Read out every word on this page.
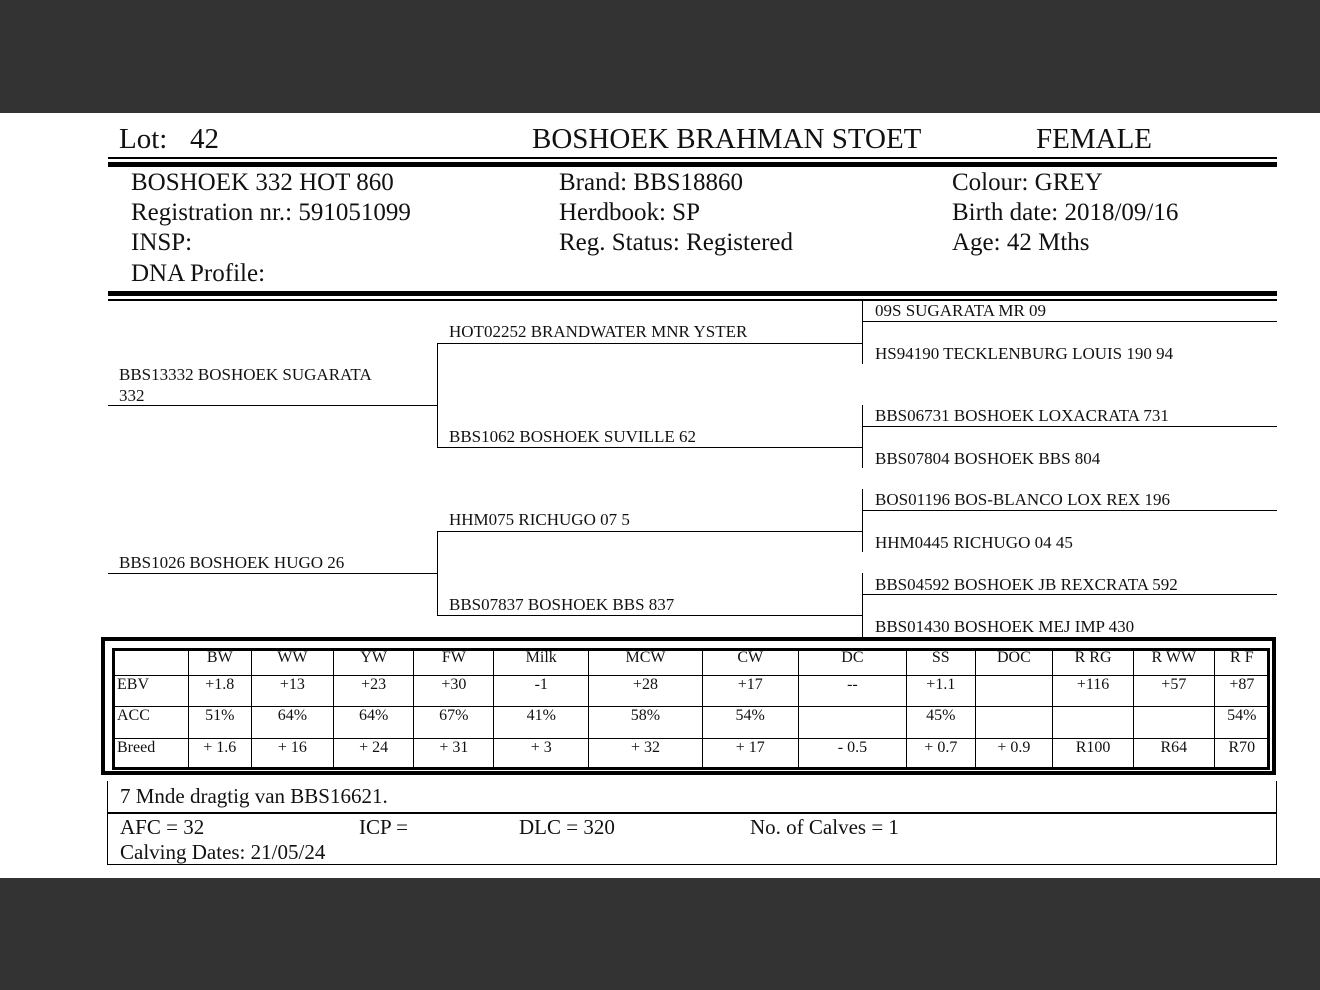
Lot: 42	BOSHOEK BRAHMAN STOET	FEMALE
BOSHOEK 332 HOT 860
Registration nr.: 591051099
INSP:
DNA Profile:
Brand: BBS18860
Herdbook: SP
Reg. Status: Registered
Colour: GREY
Birth date: 2018/09/16
Age: 42 Mths
BBS13332 BOSHOEK SUGARATA
332
BBS1026 BOSHOEK HUGO 26
HOT02252 BRANDWATER MNR YSTER
BBS1062 BOSHOEK SUVILLE 62
HHM075 RICHUGO 07 5
BBS07837 BOSHOEK BBS 837
09S SUGARATA MR 09
HS94190 TECKLENBURG LOUIS 190 94
BBS06731 BOSHOEK LOXACRATA 731
BBS07804 BOSHOEK BBS 804
BOS01196 BOS-BLANCO LOX REX 196
HHM0445 RICHUGO 04 45
BBS04592 BOSHOEK JB REXCRATA 592
BBS01430 BOSHOEK MEJ IMP 430
	BW	WW	YW	FW	Milk	MCW	CW	DC	SS	DOC	R RG	R WW	R F
EBV	+1.8	+13	+23	+30	-1	+28	+17	--	+1.1		+116	+57	+87
ACC	51%	64%	64%	67%	41%	58%	54%		45%				54%
Breed	+ 1.6	+ 16	+ 24	+ 31	+ 3	+ 32	+ 17	- 0.5	+ 0.7	+ 0.9	R100	R64	R70
7 Mnde dragtig van BBS16621.
AFC = 32	ICP =	DLC = 320	No. of Calves = 1
Calving Dates: 21/05/24
